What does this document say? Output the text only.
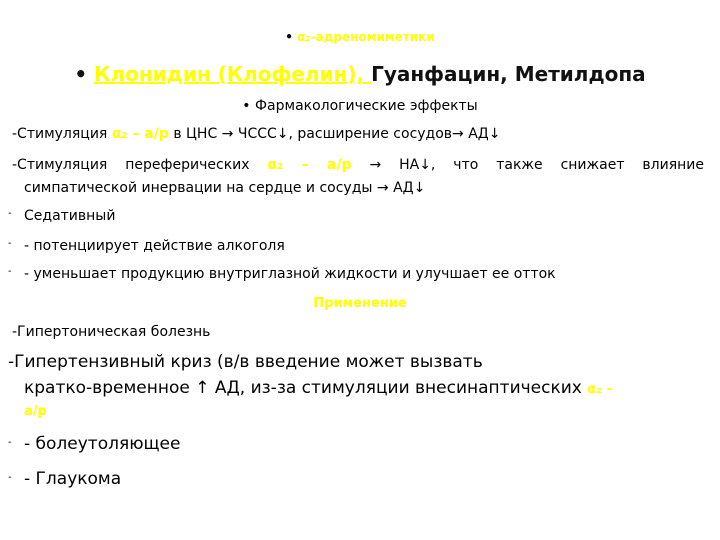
• α₂-адреномиметики
• Клонидин (Клофелин), Гуанфацин, Метилдопа
• Фармакологические эффекты
-Стимуляция α₂ – а/р в ЦНС → ЧССС↓, расширение сосудов→ АД↓
-Стимуляция переферических α₂ – а/р → НА↓, что также снижает влияние
симпатической инервации на сердце и сосуды → АД↓
- Седативный
- - потенциирует действие алкоголя
- - уменьшает продукцию внутриглазной жидкости и улучшает ее отток
Применение
-Гипертоническая болезнь
-Гипертензивный криз (в/в введение может вызвать
кратко-временное ↑ АД, из-за стимуляции внесинаптических α₂ –
а/р
- - болеутоляющее
- - Глаукома
